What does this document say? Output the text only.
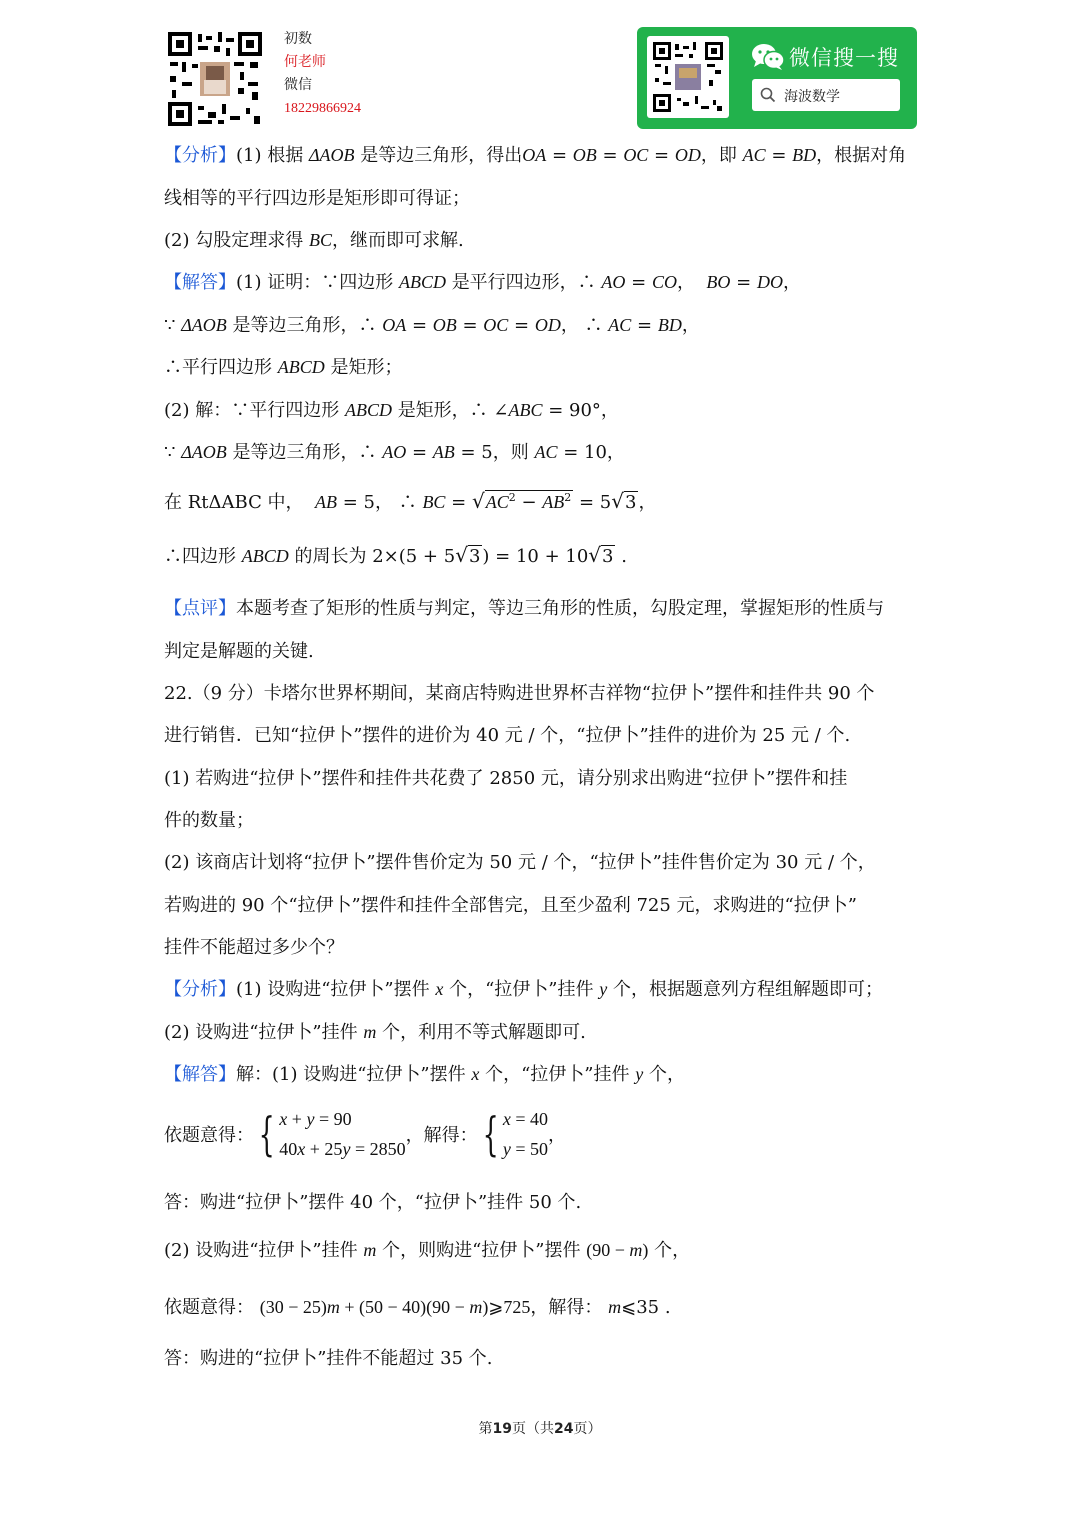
初数
何老师
微信
18229866924
微信搜一搜
海波数学
【分析】(1) 根据 ΔAOB 是等边三角形，得出OA = OB = OC = OD，即 AC = BD，根据对角
线相等的平行四边形是矩形即可得证；
(2) 勾股定理求得 BC，继而即可求解.
【解答】(1) 证明：∵四边形 ABCD 是平行四边形，∴ AO = CO，  BO = DO，
∵ ΔAOB 是等边三角形，∴ OA = OB = OC = OD， ∴ AC = BD，
∴平行四边形 ABCD 是矩形；
(2) 解：∵平行四边形 ABCD 是矩形，∴ ∠ABC = 90°，
∵ ΔAOB 是等边三角形，∴ AO = AB = 5，则 AC = 10，
在 RtΔABC 中， AB = 5， ∴ BC = $√AC^2 - AB^2 = 5√3$ ，
∴四边形 ABCD 的周长为 2×(5 + 5√3 ) = 10 + 10√3 .
【点评】本题考查了矩形的性质与判定，等边三角形的性质，勾股定理，掌握矩形的性质与
判定是解题的关键.
22.（9 分）卡塔尔世界杯期间，某商店特购进世界杯吉祥物“拉伊卜”摆件和挂件共 90 个
进行销售．已知“拉伊卜”摆件的进价为 40 元 / 个，“拉伊卜”挂件的进价为 25 元 / 个.
(1) 若购进“拉伊卜”摆件和挂件共花费了 2850 元，请分别求出购进“拉伊卜”摆件和挂
件的数量；
(2) 该商店计划将“拉伊卜”摆件售价定为 50 元 / 个，“拉伊卜”挂件售价定为 30 元 / 个，
若购进的 90 个“拉伊卜”摆件和挂件全部售完，且至少盈利 725 元，求购进的“拉伊卜”
挂件不能超过多少个？
【分析】(1) 设购进“拉伊卜”摆件 x 个，“拉伊卜”挂件 y 个，根据题意列方程组解题即可；
(2) 设购进“拉伊卜”挂件 m 个，利用不等式解题即可.
【解答】解：(1) 设购进“拉伊卜”摆件 x 个，“拉伊卜”挂件 y 个，
依题意得：{ x + y = 90
40x + 25y = 2850，解得：{ x = 40
y = 50，
答：购进“拉伊卜”摆件 40 个，“拉伊卜”挂件 50 个.
(2) 设购进“拉伊卜”挂件 m 个，则购进“拉伊卜”摆件 (90 − m) 个，
依题意得： (30 − 25)m + (50 − 40)(90 − m)⩾725，解得： m⩽35 .
答：购进的“拉伊卜”挂件不能超过 35 个.
第19页（共24页）
